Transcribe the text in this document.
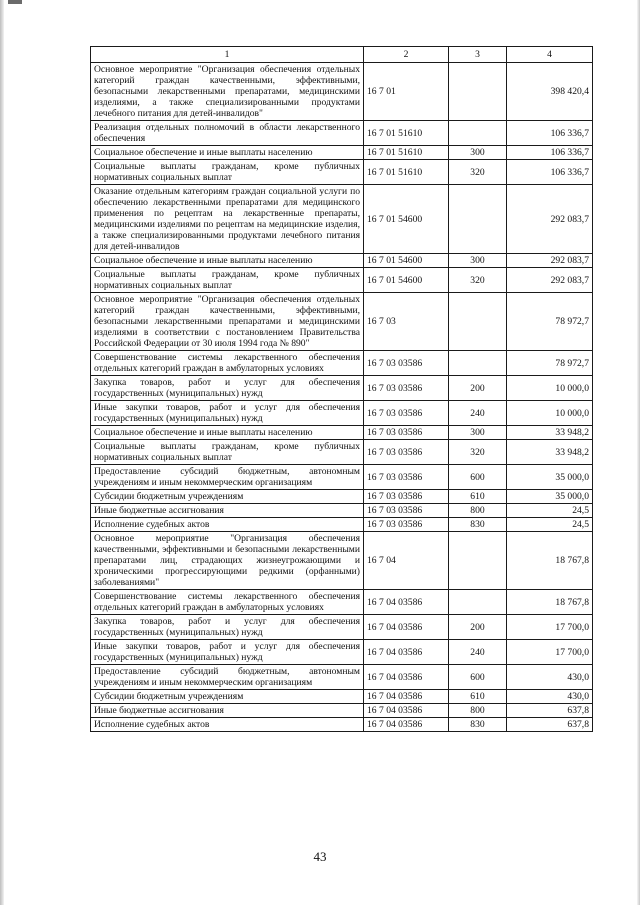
1	2	3	4
Основное мероприятие "Организация обеспечения отдельных категорий граждан качественными, эффективными, безопасными лекарственными препаратами, медицинскими изделиями, а также специализированными продуктами лечебного питания для детей-инвалидов"	16 7 01		398 420,4
Реализация отдельных полномочий в области лекарственного обеспечения	16 7 01 51610		106 336,7
Социальное обеспечение и иные выплаты населению	16 7 01 51610	300	106 336,7
Социальные выплаты гражданам, кроме публичных нормативных социальных выплат	16 7 01 51610	320	106 336,7
Оказание отдельным категориям граждан социальной услуги по обеспечению лекарственными препаратами для медицинского применения по рецептам на лекарственные препараты, медицинскими изделиями по рецептам на медицинские изделия, а также специализированными продуктами лечебного питания для детей-инвалидов	16 7 01 54600		292 083,7
Социальное обеспечение и иные выплаты населению	16 7 01 54600	300	292 083,7
Социальные выплаты гражданам, кроме публичных нормативных социальных выплат	16 7 01 54600	320	292 083,7
Основное мероприятие "Организация обеспечения отдельных категорий граждан качественными, эффективными, безопасными лекарственными препаратами и медицинскими изделиями в соответствии с постановлением Правительства Российской Федерации от 30 июля 1994 года № 890"	16 7 03		78 972,7
Совершенствование системы лекарственного обеспечения отдельных категорий граждан в амбулаторных условиях	16 7 03 03586		78 972,7
Закупка товаров, работ и услуг для обеспечения государственных (муниципальных) нужд	16 7 03 03586	200	10 000,0
Иные закупки товаров, работ и услуг для обеспечения государственных (муниципальных) нужд	16 7 03 03586	240	10 000,0
Социальное обеспечение и иные выплаты населению	16 7 03 03586	300	33 948,2
Социальные выплаты гражданам, кроме публичных нормативных социальных выплат	16 7 03 03586	320	33 948,2
Предоставление субсидий бюджетным, автономным учреждениям и иным некоммерческим организациям	16 7 03 03586	600	35 000,0
Субсидии бюджетным учреждениям	16 7 03 03586	610	35 000,0
Иные бюджетные ассигнования	16 7 03 03586	800	24,5
Исполнение судебных актов	16 7 03 03586	830	24,5
Основное мероприятие "Организация обеспечения качественными, эффективными и безопасными лекарственными препаратами лиц, страдающих жизнеугрожающими и хроническими прогрессирующими редкими (орфанными) заболеваниями"	16 7 04		18 767,8
Совершенствование системы лекарственного обеспечения отдельных категорий граждан в амбулаторных условиях	16 7 04 03586		18 767,8
Закупка товаров, работ и услуг для обеспечения государственных (муниципальных) нужд	16 7 04 03586	200	17 700,0
Иные закупки товаров, работ и услуг для обеспечения государственных (муниципальных) нужд	16 7 04 03586	240	17 700,0
Предоставление субсидий бюджетным, автономным учреждениям и иным некоммерческим организациям	16 7 04 03586	600	430,0
Субсидии бюджетным учреждениям	16 7 04 03586	610	430,0
Иные бюджетные ассигнования	16 7 04 03586	800	637,8
Исполнение судебных актов	16 7 04 03586	830	637,8
43
